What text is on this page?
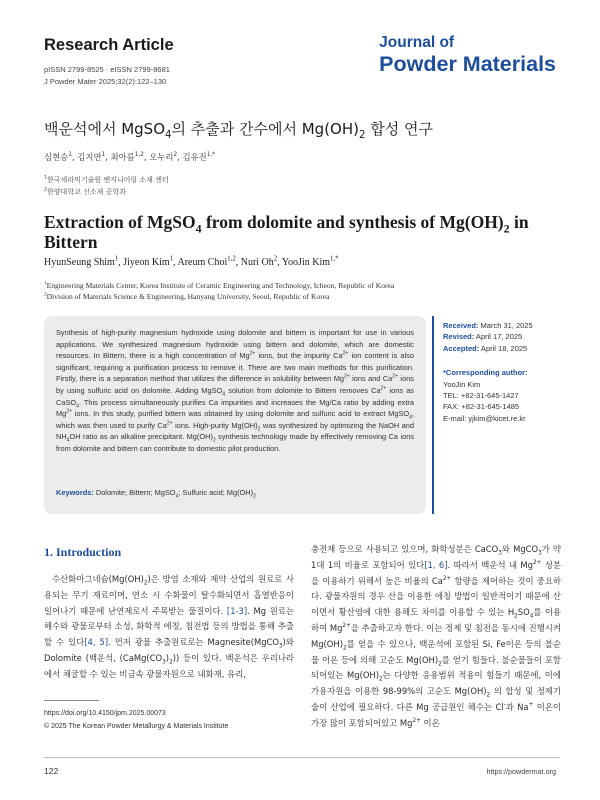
Research Article
pISSN 2799-8525 · eISSN 2799-8681
J Powder Mater 2025;32(2):122–130
Journal of
Powder Materials
백운석에서 MgSO$_4$의 추출과 간수에서 $Mg(OH)_2$ 합성 연구
심현승$^1$, 김지연$^1$, 최아름$^{1,2}$, 오누리$^2$, 김유진$^{1,*}$
$^1$한국세라믹기술원 엔지니어링 소재 센터
$^2$한양대학교 신소재 공학과
Extraction of MgSO$_4$ from dolomite and synthesis of $Mg(OH)_2$ in Bittern
HyunSeung Shim$^1$, Jiyeon Kim$^1$, Areum Choi$^{1,2}$, Nuri Oh$^2$, YooJin Kim$^{1,*}$
$^1$Engineering Materials Center, Korea Institute of Ceramic Engineering and Technology, Icheon, Republic of Korea
$^2$Division of Materials Science & Engineering, Hanyang University, Seoul, Republic of Korea
Synthesis of high-purity magnesium hydroxide using dolomite and bittern is important for use in various applications. We synthesized magnesium hydroxide using bittern and dolomite, which are domestic resources. In Bittern, there is a high concentration of $Mg^{2+}$ ions, but the impurity $Ca^{2+}$ ion content is also significant, requiring a purification process to remove it. There are two main methods for this purification. Firstly, there is a separation method that utilizes the difference in solubility between $Mg^{2+}$ ions and $Ca^{2+}$ ions by using sulfuric acid on dolomite. Adding MgSO$_4$ solution from dolomite to Bittern removes $Ca^{2+}$ ions as CaSO$_4$. This process simultaneously purifies Ca impurities and increases the Mg/Ca ratio by adding extra $Mg^{2+}$ ions. In this study, purified bittern was obtained by using dolomite and sulfuric acid to extract MgSO$_4$, which was then used to purify $Ca^{2+}$ ions. High-purity $Mg(OH)_2$ was synthesized by optimizing the NaOH and $NH_4OH$ ratio as an alkaline precipitant. $Mg(OH)_2$ synthesis technology made by effectively removing Ca ions from dolomite and bittern can contribute to domestic pilot production.
Keywords: Dolomite; Bittern; MgSO$_4$; Sulfuric acid; $Mg(OH)_2$
Received: March 31, 2025
Revised: April 17, 2025
Accepted: April 18, 2025
*Corresponding author:
YooJin Kim
TEL: +82-31-645-1427
FAX: +82-31-645-1485
E-mail: yjkim@kicet.re.kr
1. Introduction
수산화마그네슘$(Mg(OH)_2)$은 방염 소재와 제약 산업의 원료로 사용되는 무기 재료이며, 연소 시 수화물이 탈수화되면서 흡열반응이 일어나기 때문에 난연제로서 주목받는 물질이다. [1-3]. Mg 원료는 해수와 광물로부터 소성, 화학적 에칭, 침전법 등의 방법을 통해 추출할 수 있다[4, 5]. 먼저 광물 추출원료로는 Magnesite(MgCO$_3$)와 Dolomite (백운석, $(CaMg(CO_3)_2)$) 등이 있다. 백운석은 우리나라에서 채굴할 수 있는 비금속 광물자원으로 내화재, 유리,
충전재 등으로 사용되고 있으며, 화학성분은 CaCO$_3$와 MgCO$_3$가 약 1대 1의 비율로 포함되어 있다[1, 6]. 따라서 백운석 내 $Mg^{2+}$ 성분을 이용하기 위해서 높은 비율의 $Ca^{2+}$ 함량을 제어하는 것이 중요하다. 광물자원의 경우 산을 이용한 에칭 방법이 일반적이기 때문에 산이면서 황산염에 대한 용해도 차이를 이용할 수 있는 $H_2SO_4$를 이용하여 $Mg^{2+}$을 추출하고자 한다. 이는 정제 및 침전을 동시에 진행시켜 $Mg(OH)_2$를 얻을 수 있으나, 백운석에 포함된 Si, Fe이온 등의 불순물 이온 등에 의해 고순도 $Mg(OH)_2$를 얻기 힘들다. 불순물들이 포함 되어있는 $Mg(OH)_2$는 다양한 응용범위 적용이 힘들기 때문에, 이에 가용자원을 이용한 98-99%의 고순도 $Mg(OH)_2$ 의 합성 및 정제기술이 산업에 필요하다. 다른 Mg 공급원인 해수는 Cl-과 Na+ 이온이 가장 많이 포함되어있고 $Mg^{2+}$ 이온
https://doi.org/10.4150/jpm.2025.00073
© 2025 The Korean Powder Metallurgy & Materials Institute
122	https://powdermat.org
